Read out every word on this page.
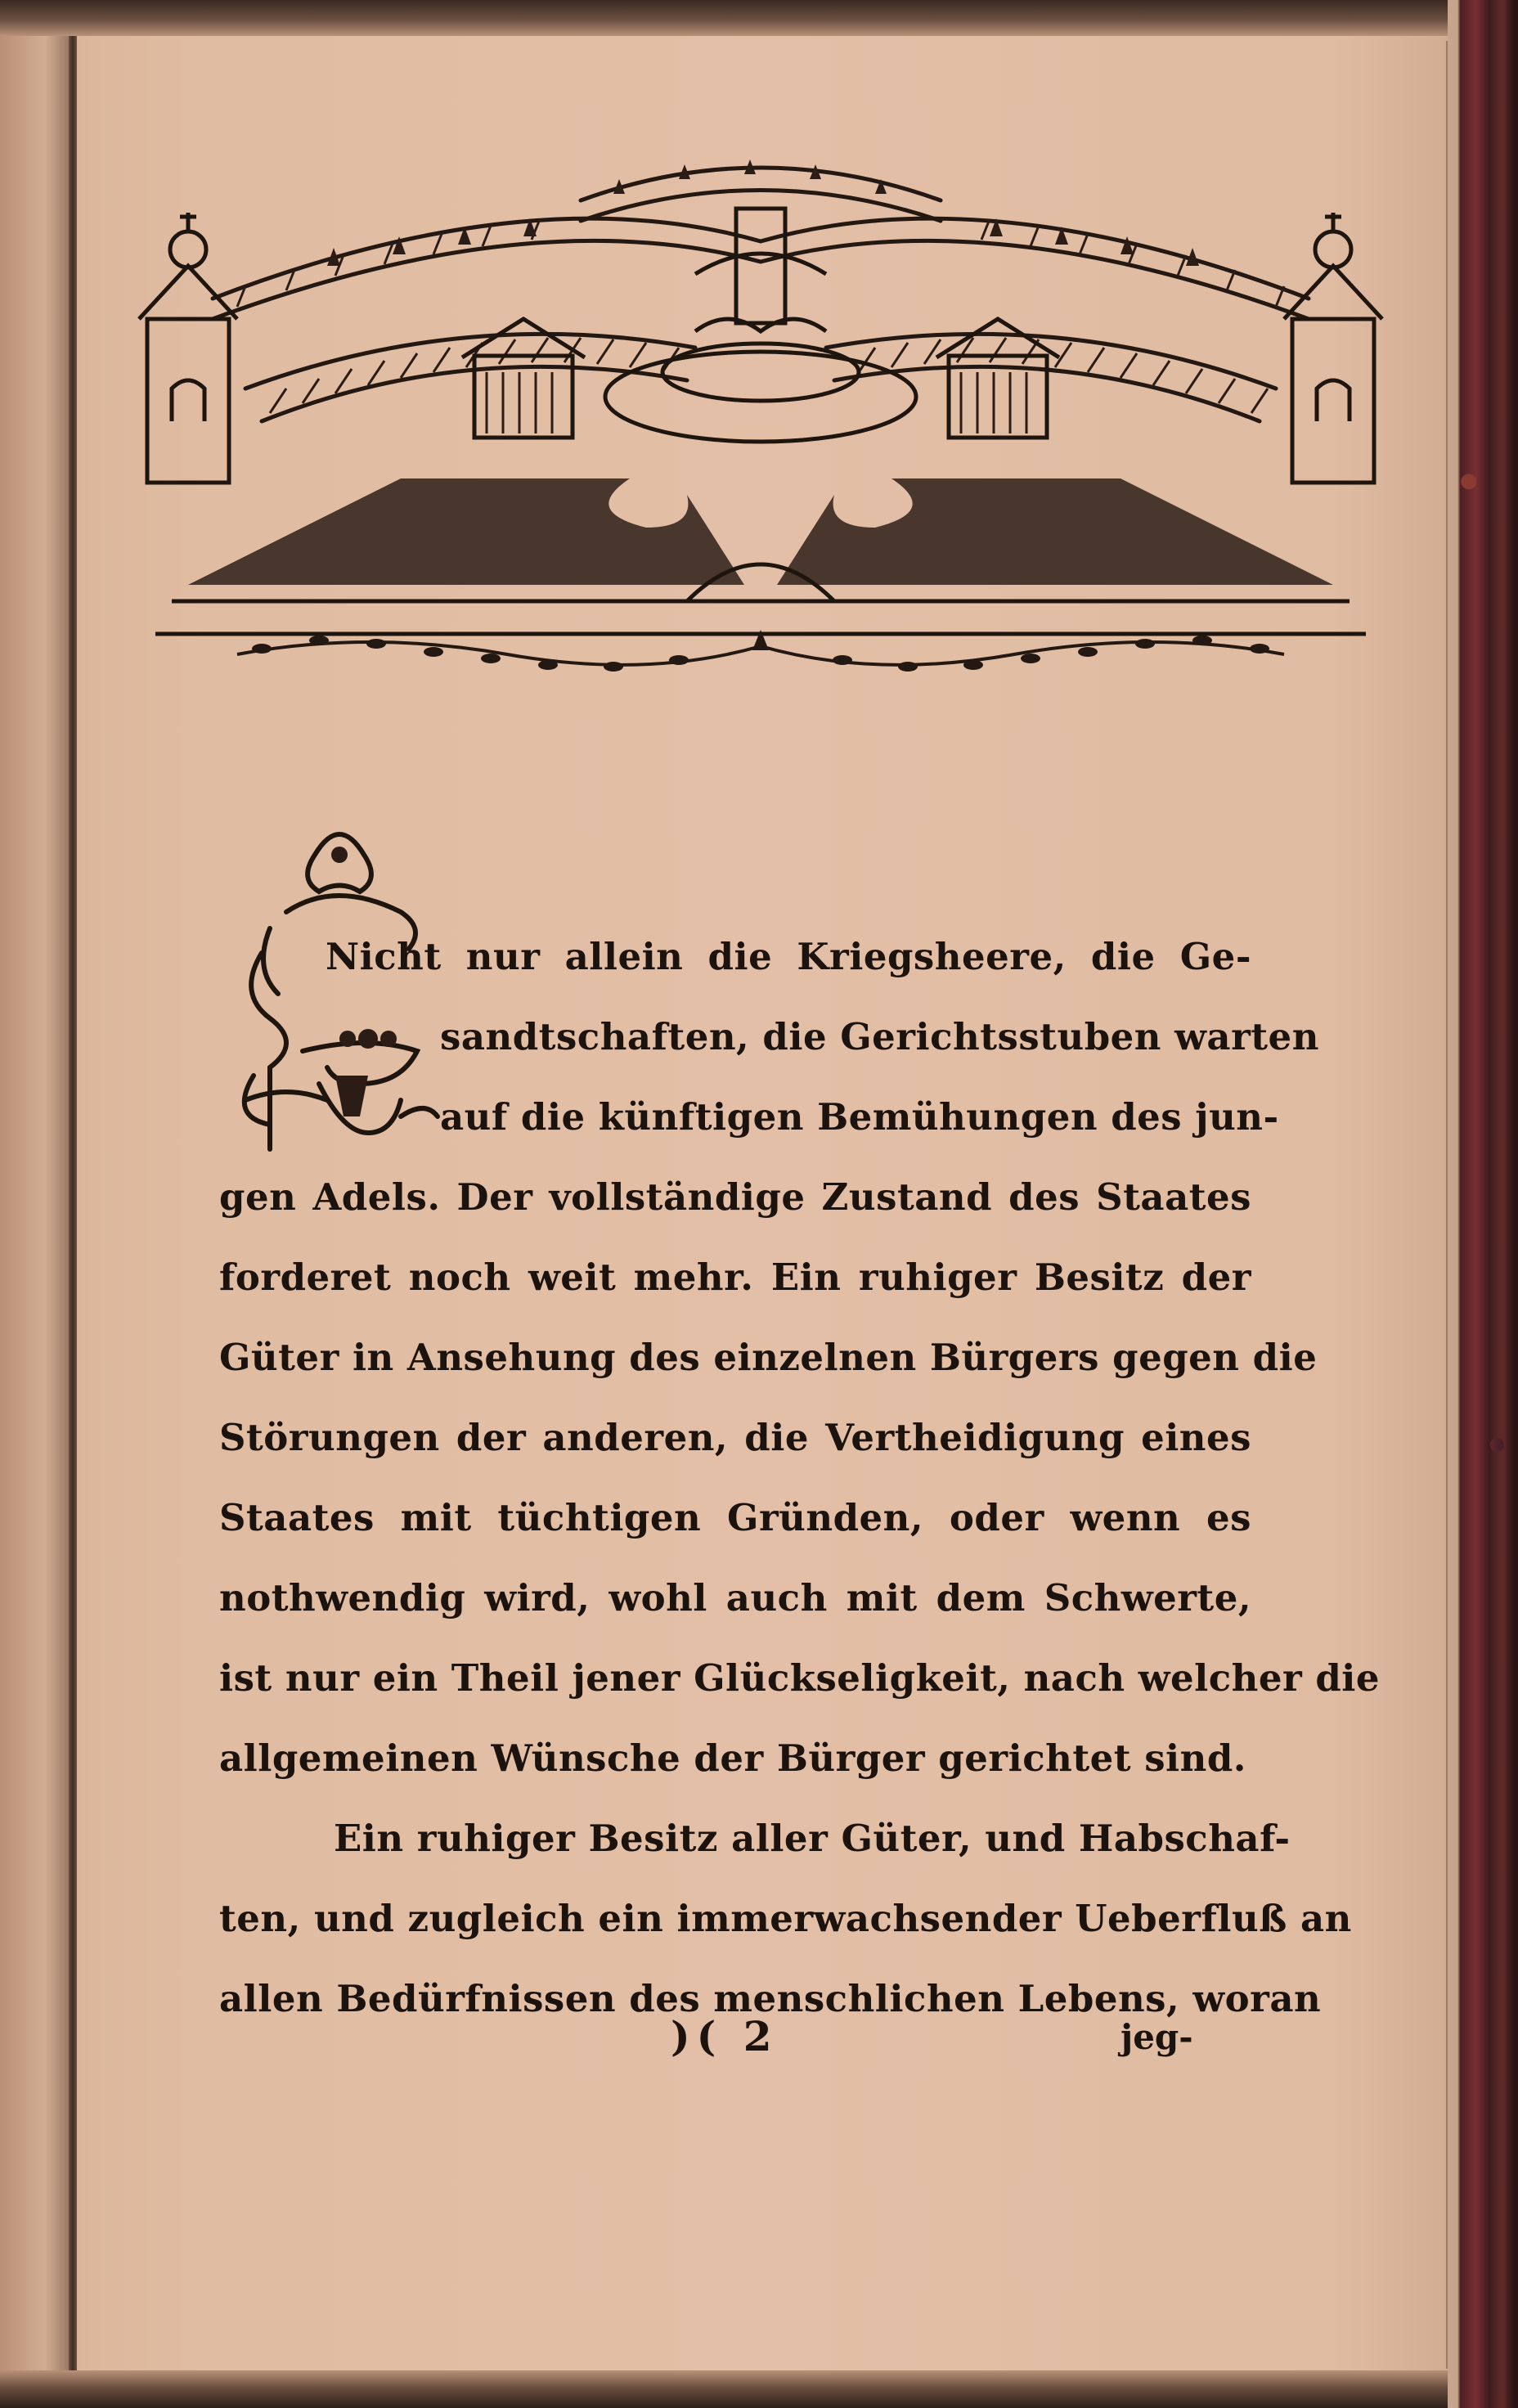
Nicht nur allein die Kriegsheere, die Ge-
sandtschaften, die Gerichtsstuben warten
auf die künftigen Bemühungen des jun-
gen Adels. Der vollständige Zustand des Staates
forderet noch weit mehr. Ein ruhiger Besitz der
Güter in Ansehung des einzelnen Bürgers gegen die
Störungen der anderen, die Vertheidigung eines
Staates mit tüchtigen Gründen, oder wenn es
nothwendig wird, wohl auch mit dem Schwerte,
ist nur ein Theil jener Glückseligkeit, nach welcher die
allgemeinen Wünsche der Bürger gerichtet sind.
Ein ruhiger Besitz aller Güter, und Habschaf-
ten, und zugleich ein immerwachsender Ueberfluß an
allen Bedürfnissen des menschlichen Lebens, woran
)( 2	jeg-
